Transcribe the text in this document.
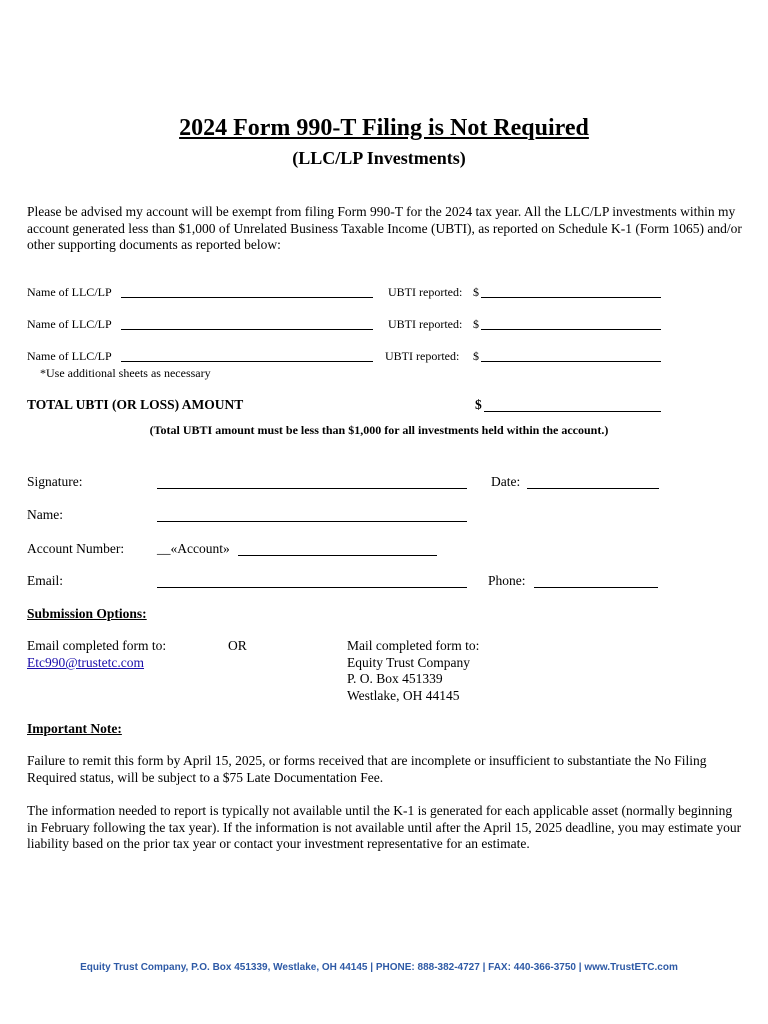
2024 Form 990-T Filing is Not Required
(LLC/LP Investments)
Please be advised my account will be exempt from filing Form 990-T for the 2024 tax year. All the LLC/LP investments within my account generated less than $1,000 of Unrelated Business Taxable Income (UBTI), as reported on Schedule K-1 (Form 1065) and/or other supporting documents as reported below:
Name of LLC/LP	UBTI reported: $
Name of LLC/LP	UBTI reported: $
Name of LLC/LP	UBTI reported: $
*Use additional sheets as necessary
TOTAL UBTI (OR LOSS) AMOUNT	$
(Total UBTI amount must be less than $1,000 for all investments held within the account.)
Signature:	Date:
Name:
Account Number: __«Account»
Email:	Phone:
Submission Options:
Email completed form to:
Etc990@trustetc.com
OR	Mail completed form to:
Equity Trust Company
P. O. Box 451339
Westlake, OH 44145
Important Note:
Failure to remit this form by April 15, 2025, or forms received that are incomplete or insufficient to substantiate the No Filing Required status, will be subject to a $75 Late Documentation Fee.
The information needed to report is typically not available until the K-1 is generated for each applicable asset (normally beginning in February following the tax year). If the information is not available until after the April 15, 2025 deadline, you may estimate your liability based on the prior tax year or contact your investment representative for an estimate.
Equity Trust Company, P.O. Box 451339, Westlake, OH 44145 | PHONE: 888-382-4727 | FAX: 440-366-3750 | www.TrustETC.com
